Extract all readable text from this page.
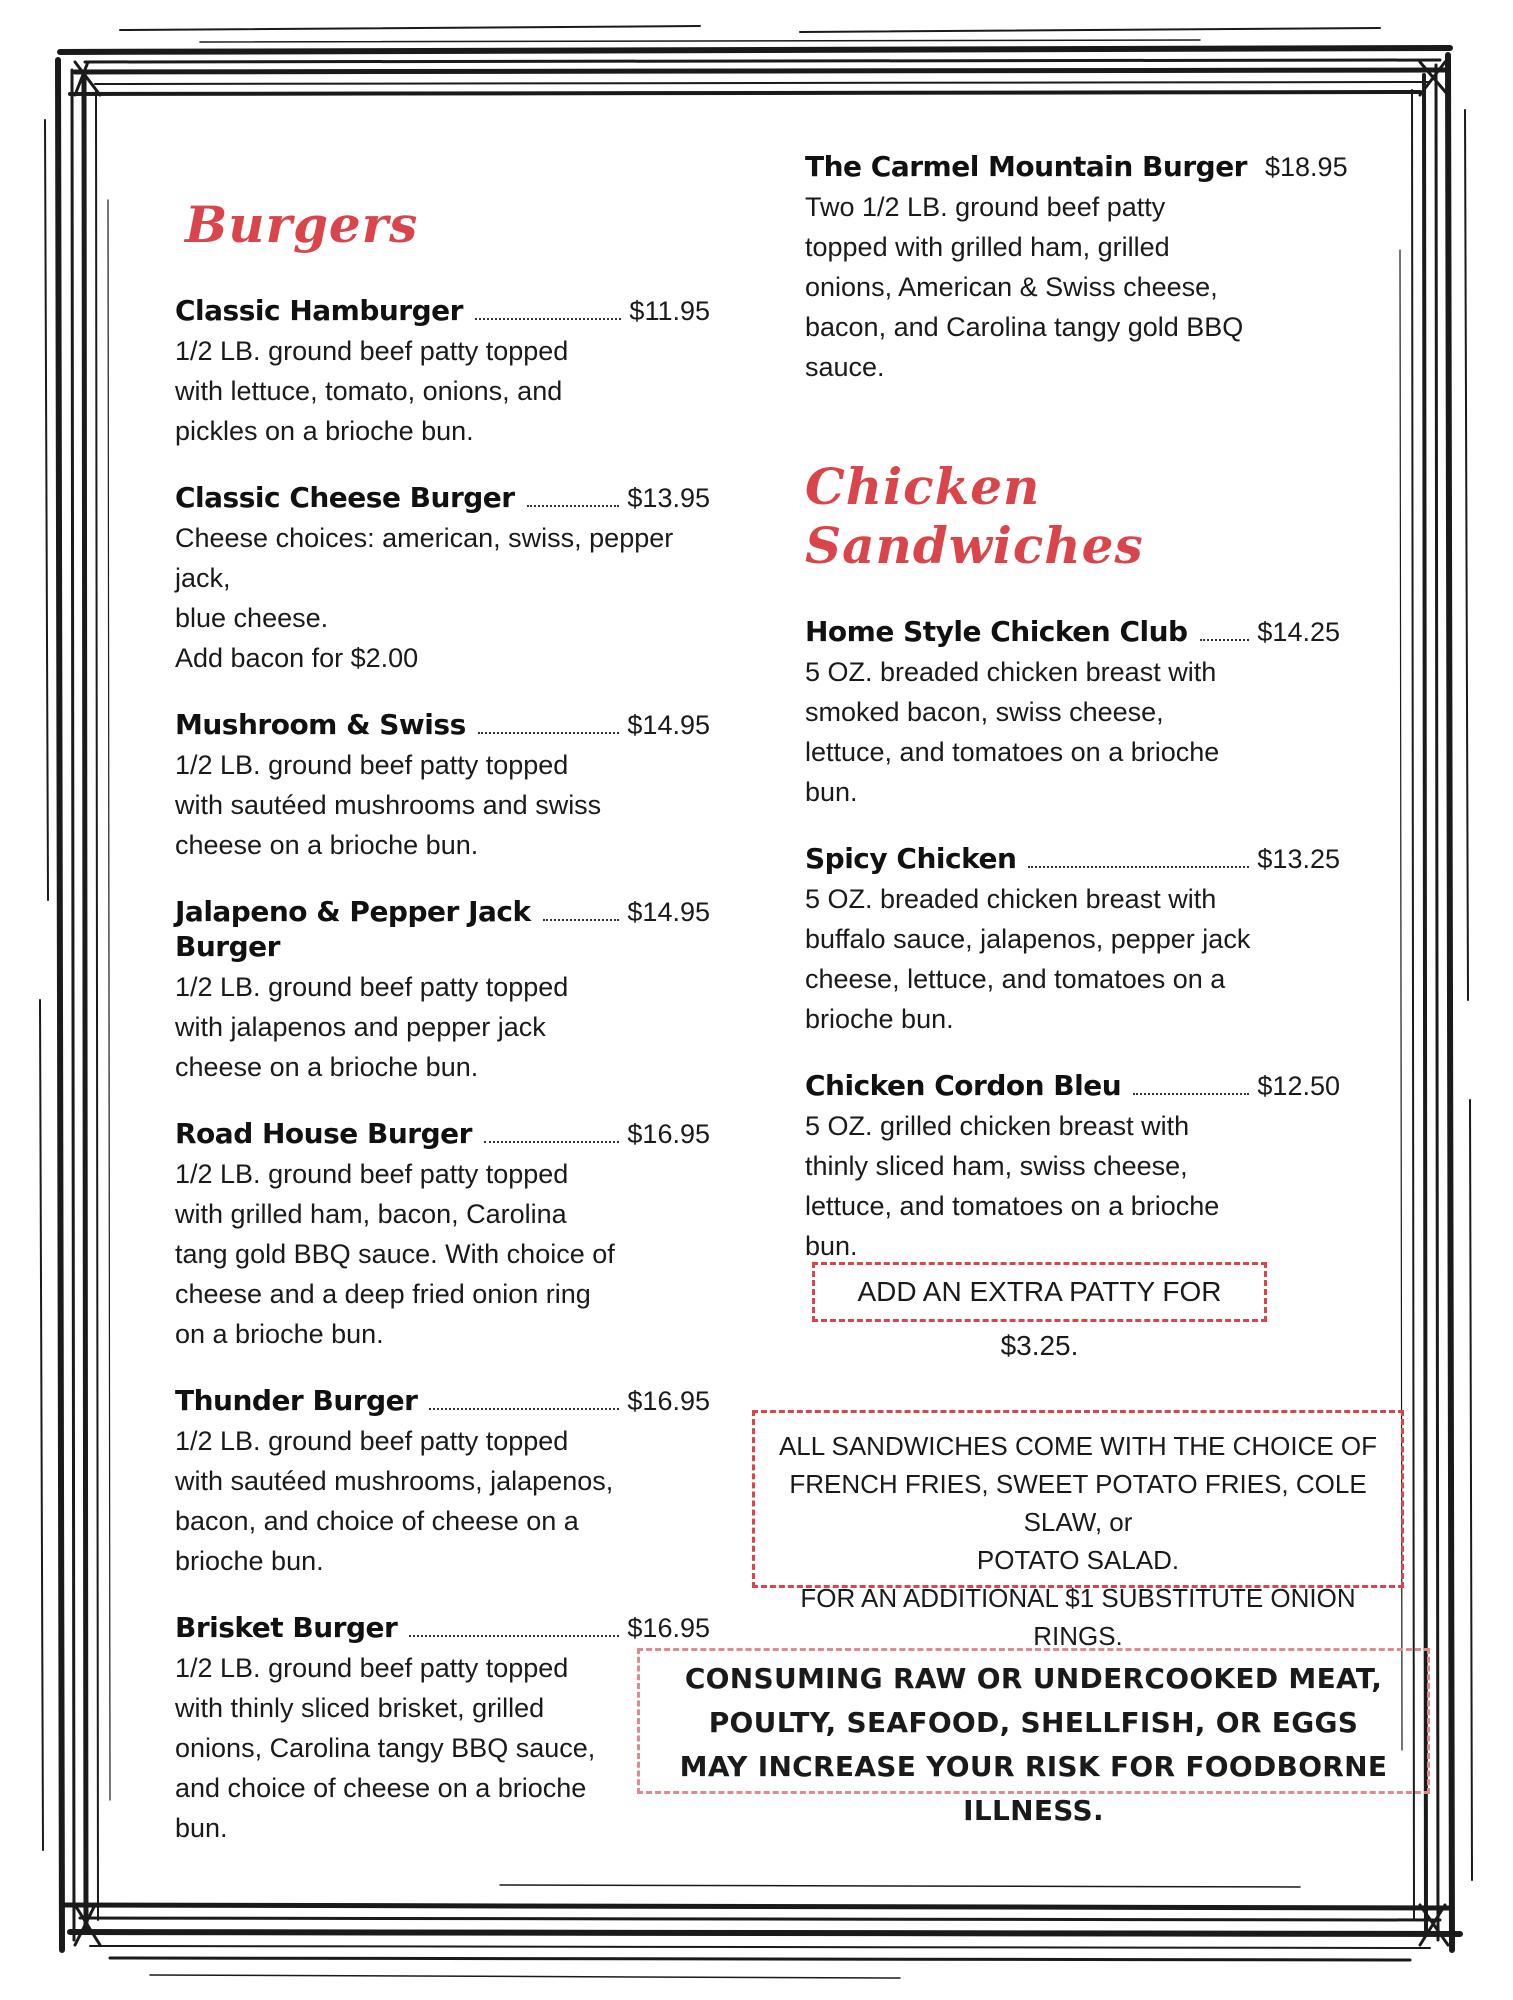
Burgers
Classic Hamburger	$11.95
1/2 LB. ground beef patty topped
with lettuce, tomato, onions, and
pickles on a brioche bun.
Classic Cheese Burger	$13.95
Cheese choices: american, swiss, pepper jack,
blue cheese.
Add bacon for $2.00
Mushroom & Swiss	$14.95
1/2 LB. ground beef patty topped
with sautéed mushrooms and swiss
cheese on a brioche bun.
Jalapeno & Pepper Jack	$14.95
Burger
1/2 LB. ground beef patty topped
with jalapenos and pepper jack
cheese on a brioche bun.
Road House Burger	$16.95
1/2 LB. ground beef patty topped
with grilled ham, bacon, Carolina
tang gold BBQ sauce. With choice of
cheese and a deep fried onion ring
on a brioche bun.
Thunder Burger	$16.95
1/2 LB. ground beef patty topped
with sautéed mushrooms, jalapenos,
bacon, and choice of cheese on a
brioche bun.
Brisket Burger	$16.95
1/2 LB. ground beef patty topped
with thinly sliced brisket, grilled
onions, Carolina tangy BBQ sauce,
and choice of cheese on a brioche
bun.
The Carmel Mountain Burger $18.95
Two 1/2 LB. ground beef patty
topped with grilled ham, grilled
onions, American & Swiss cheese,
bacon, and Carolina tangy gold BBQ
sauce.
Chicken Sandwiches
Home Style Chicken Club	$14.25
5 OZ. breaded chicken breast with
smoked bacon, swiss cheese,
lettuce, and tomatoes on a brioche
bun.
Spicy Chicken	$13.25
5 OZ. breaded chicken breast with
buffalo sauce, jalapenos, pepper jack
cheese, lettuce, and tomatoes on a
brioche bun.
Chicken Cordon Bleu	$12.50
5 OZ. grilled chicken breast with
thinly sliced ham, swiss cheese,
lettuce, and tomatoes on a brioche
bun.
ADD AN EXTRA PATTY FOR $3.25.
ALL SANDWICHES COME WITH THE CHOICE OF
FRENCH FRIES, SWEET POTATO FRIES, COLE SLAW, or
POTATO SALAD.
FOR AN ADDITIONAL $1 SUBSTITUTE ONION RINGS.
CONSUMING RAW OR UNDERCOOKED MEAT,
POULTY, SEAFOOD, SHELLFISH, OR EGGS
MAY INCREASE YOUR RISK FOR FOODBORNE ILLNESS.
